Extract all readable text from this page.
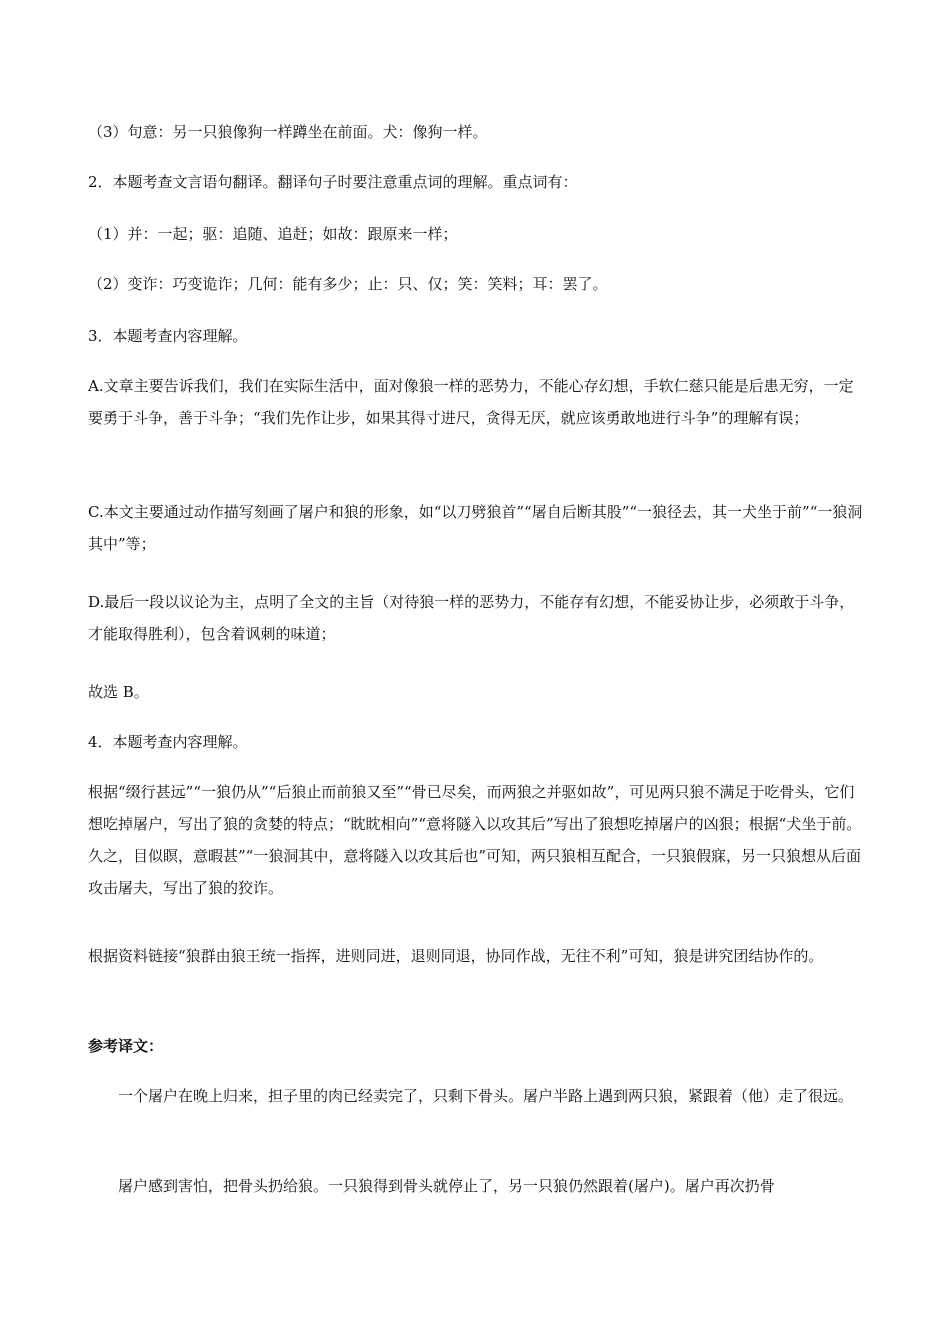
（3）句意：另一只狼像狗一样蹲坐在前面。犬：像狗一样。

2．本题考查文言语句翻译。翻译句子时要注意重点词的理解。重点词有：

（1）并：一起；驱：追随、追赶；如故：跟原来一样；

（2）变诈：巧变诡诈；几何：能有多少；止：只、仅；笑：笑料；耳：罢了。

3．本题考查内容理解。

A.文章主要告诉我们，我们在实际生活中，面对像狼一样的恶势力，不能心存幻想，手软仁慈只能是后患无穷，一定要勇于斗争，善于斗争；“我们先作让步，如果其得寸进尺，贪得无厌，就应该勇敢地进行斗争”的理解有误；

C.本文主要通过动作描写刻画了屠户和狼的形象，如“以刀劈狼首”“屠自后断其股”“一狼径去，其一犬坐于前”“一狼洞其中”等；

D.最后一段以议论为主，点明了全文的主旨（对待狼一样的恶势力，不能存有幻想，不能妥协让步，必须敢于斗争，才能取得胜利），包含着讽刺的味道；

故选 B。

4．本题考查内容理解。

根据“缀行甚远”“一狼仍从”“后狼止而前狼又至”“骨已尽矣，而两狼之并驱如故”，可见两只狼不满足于吃骨头，它们想吃掉屠户，写出了狼的贪婪的特点；“眈眈相向”“意将隧入以攻其后”写出了狼想吃掉屠户的凶狠；根据“犬坐于前。久之，目似瞑，意暇甚”“一狼洞其中，意将隧入以攻其后也”可知，两只狼相互配合，一只狼假寐，另一只狼想从后面攻击屠夫，写出了狼的狡诈。

根据资料链接“狼群由狼王统一指挥，进则同进，退则同退，协同作战，无往不利”可知，狼是讲究团结协作的。

参考译文：

一个屠户在晚上归来，担子里的肉已经卖完了，只剩下骨头。屠户半路上遇到两只狼，紧跟着（他）走了很远。

屠户感到害怕，把骨头扔给狼。一只狼得到骨头就停止了，另一只狼仍然跟着(屠户)。屠户再次扔骨
